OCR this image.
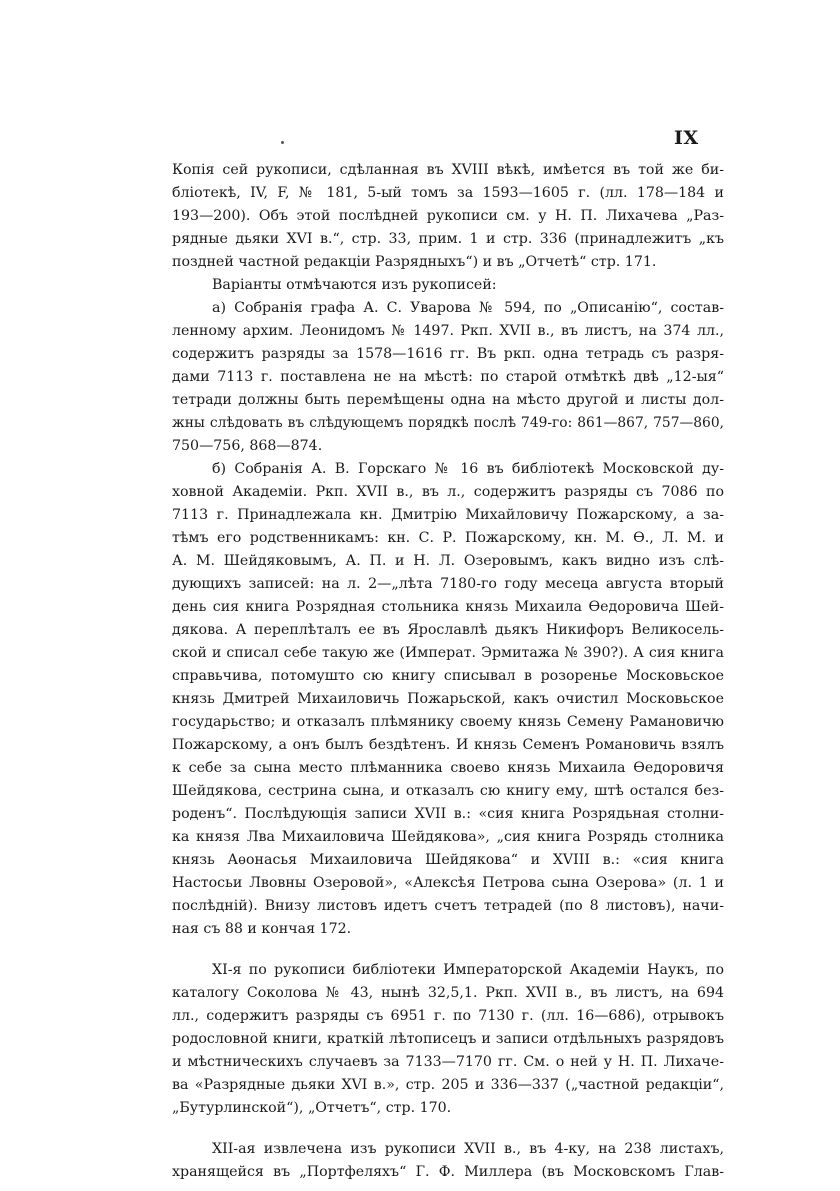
IX
Копія сей рукописи, сдѣланная въ XVIII вѣкѣ, имѣется въ той же би-
бліотекѣ, IV, F, № 181, 5-ый томъ за 1593—1605 г. (лл. 178—184 и
193—200). Объ этой послѣдней рукописи см. у Н. П. Лихачева „Раз-
рядные дьяки XVI в.“, стр. 33, прим. 1 и стр. 336 (принадлежитъ „къ
поздней частной редакціи Разрядныхъ“) и въ „Отчетѣ“ стр. 171.
Варіанты отмѣчаются изъ рукописей:
а) Собранія графа А. С. Уварова № 594, по „Описанію“, состав-
ленному архим. Леонидомъ № 1497. Ркп. XVII в., въ листъ, на 374 лл.,
содержитъ разряды за 1578—1616 гг. Въ ркп. одна тетрадь съ разря-
дами 7113 г. поставлена не на мѣстѣ: по старой отмѣткѣ двѣ „12-ыя“
тетради должны быть перемѣщены одна на мѣсто другой и листы дол-
жны слѣдовать въ слѣдующемъ порядкѣ послѣ 749-го: 861—867, 757—860,
750—756, 868—874.
б) Собранія А. В. Горскаго № 16 въ библіотекѣ Московской ду-
ховной Академіи. Ркп. XVII в., въ л., содержитъ разряды съ 7086 по
7113 г. Принадлежала кн. Дмитрію Михайловичу Пожарскому, а за-
тѣмъ его родственникамъ: кн. С. Р. Пожарскому, кн. М. Ѳ., Л. М. и
А. М. Шейдяковымъ, А. П. и Н. Л. Озеровымъ, какъ видно изъ слѣ-
дующихъ записей: на л. 2—„лѣта 7180-го году месеца августа вторый
день сия книга Розрядная стольника князь Михаила Ѳедоровича Шей-
дякова. А переплѣталъ ее въ Ярославлѣ дьякъ Никифоръ Великосель-
ской и списал себе такую же (Императ. Эрмитажа № 390?). А сия книга
справьчива, потомушто сю книгу списывал в розоренье Московьское
князь Дмитрей Михаиловичь Пожарьской, какъ очистил Московьское
государьство; и отказалъ плѣмянику своему князь Семену Рамановичю
Пожарскому, а онъ былъ бездѣтенъ. И князь Семенъ Романовичь взялъ
к себе за сына место плѣманника своево князь Михаила Ѳедоровичя
Шейдякова, сестрина сына, и отказалъ сю книгу ему, штѣ остался без-
роденъ“. Послѣдующія записи XVII в.: «сия книга Розрядьная столни-
ка князя Лва Михаиловича Шейдякова», „сия книга Розрядь столника
князь Аѳонасья Михаиловича Шейдякова“ и XVIII в.: «сия книга
Настосьи Лвовны Озеровой», «Алексѣя Петрова сына Озерова» (л. 1 и
послѣдній). Внизу листовъ идетъ счетъ тетрадей (по 8 листовъ), начи-
ная съ 88 и кончая 172.
XI-я по рукописи библіотеки Императорской Академіи Наукъ, по
каталогу Соколова № 43, нынѣ 32,5,1. Ркп. XVII в., въ листъ, на 694
лл., содержитъ разряды съ 6951 г. по 7130 г. (лл. 16—686), отрывокъ
родословной книги, краткій лѣтописецъ и записи отдѣльныхъ разрядовъ
и мѣстническихъ случаевъ за 7133—7170 гг. См. о ней у Н. П. Лихаче-
ва «Разрядные дьяки XVI в.», стр. 205 и 336—337 („частной редакціи“,
„Бутурлинской“), „Отчетъ“, стр. 170.
XII-ая извлечена изъ рукописи XVII в., въ 4-ку, на 238 листахъ,
хранящейся въ „Портфеляхъ“ Г. Ф. Миллера (въ Московскомъ Глав-
